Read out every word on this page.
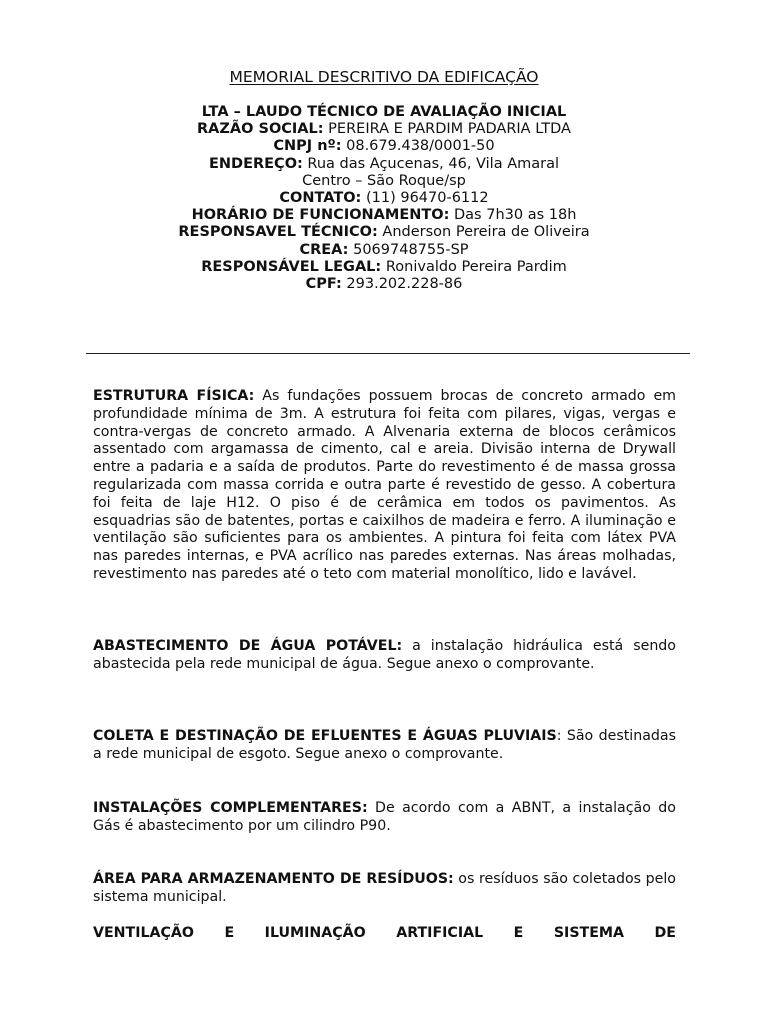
MEMORIAL DESCRITIVO DA EDIFICAÇÃO
LTA – LAUDO TÉCNICO DE AVALIAÇÃO INICIAL
RAZÃO SOCIAL: PEREIRA E PARDIM PADARIA LTDA
CNPJ nº: 08.679.438/0001-50
ENDEREÇO: Rua das Açucenas, 46, Vila Amaral
Centro – São Roque/sp
CONTATO: (11) 96470-6112
HORÁRIO DE FUNCIONAMENTO: Das 7h30 as 18h
RESPONSAVEL TÉCNICO: Anderson Pereira de Oliveira
CREA: 5069748755-SP
RESPONSÁVEL LEGAL: Ronivaldo Pereira Pardim
CPF: 293.202.228-86
ESTRUTURA FÍSICA: As fundações possuem brocas de concreto armado em profundidade mínima de 3m. A estrutura foi feita com pilares, vigas, vergas e contra-vergas de concreto armado. A Alvenaria externa de blocos cerâmicos assentado com argamassa de cimento, cal e areia. Divisão interna de Drywall entre a padaria e a saída de produtos. Parte do revestimento é de massa grossa regularizada com massa corrida e outra parte é revestido de gesso. A cobertura foi feita de laje H12. O piso é de cerâmica em todos os pavimentos. As esquadrias são de batentes, portas e caixilhos de madeira e ferro. A iluminação e ventilação são suficientes para os ambientes. A pintura foi feita com látex PVA nas paredes internas, e PVA acrílico nas paredes externas. Nas áreas molhadas, revestimento nas paredes até o teto com material monolítico, lido e lavável.
ABASTECIMENTO DE ÁGUA POTÁVEL: a instalação hidráulica está sendo abastecida pela rede municipal de água. Segue anexo o comprovante.
COLETA E DESTINAÇÃO DE EFLUENTES E ÁGUAS PLUVIAIS: São destinadas a rede municipal de esgoto. Segue anexo o comprovante.
INSTALAÇÕES COMPLEMENTARES: De acordo com a ABNT, a instalação do Gás é abastecimento por um cilindro P90.
ÁREA PARA ARMAZENAMENTO DE RESÍDUOS: os resíduos são coletados pelo sistema municipal.
VENTILAÇÃO E ILUMINAÇÃO ARTIFICIAL E SISTEMA DE
